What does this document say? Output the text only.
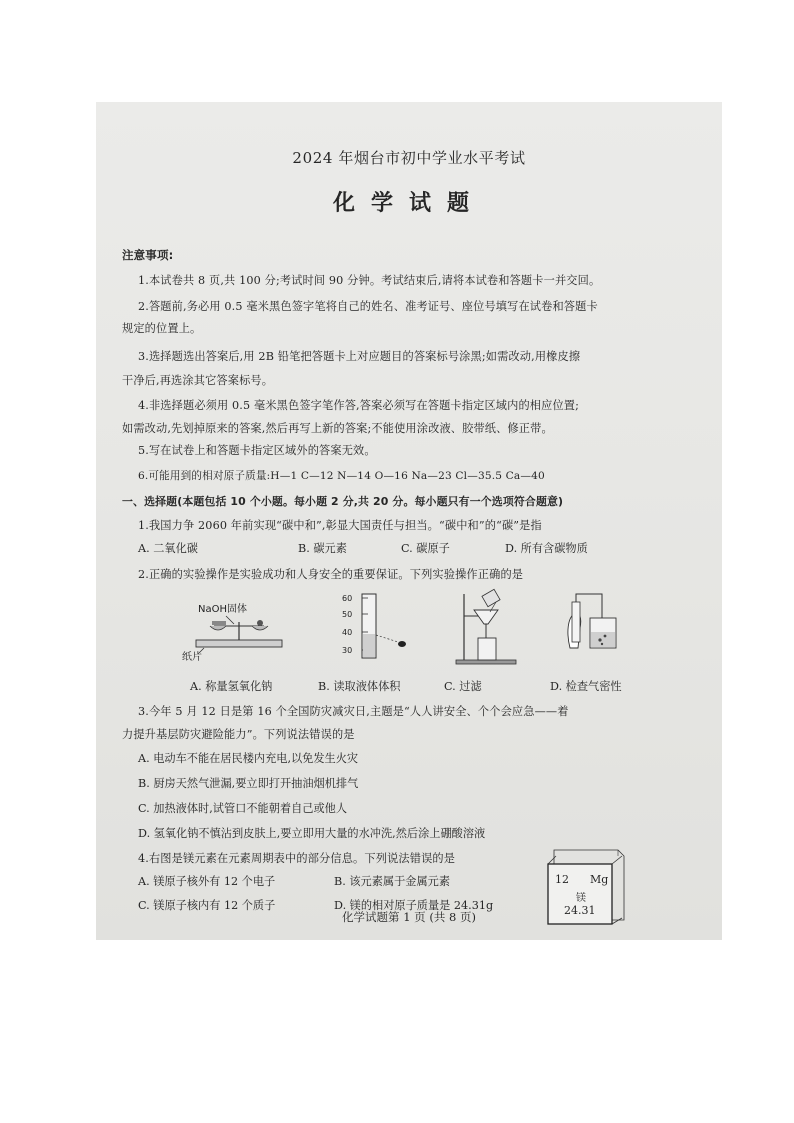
2024 年烟台市初中学业水平考试
化学试题
注意事项:
1.本试卷共 8 页,共 100 分;考试时间 90 分钟。考试结束后,请将本试卷和答题卡一并交回。
2.答题前,务必用 0.5 毫米黑色签字笔将自己的姓名、准考证号、座位号填写在试卷和答题卡
规定的位置上。
3.选择题选出答案后,用 2B 铅笔把答题卡上对应题目的答案标号涂黑;如需改动,用橡皮擦
干净后,再选涂其它答案标号。
4.非选择题必须用 0.5 毫米黑色签字笔作答,答案必须写在答题卡指定区域内的相应位置;
如需改动,先划掉原来的答案,然后再写上新的答案;不能使用涂改液、胶带纸、修正带。
5.写在试卷上和答题卡指定区域外的答案无效。
6.可能用到的相对原子质量:H—1 C—12 N—14 O—16 Na—23 Cl—35.5 Ca—40
一、选择题(本题包括 10 个小题。每小题 2 分,共 20 分。每小题只有一个选项符合题意)
1.我国力争 2060 年前实现“碳中和”,彰显大国责任与担当。“碳中和”的“碳”是指
A. 二氧化碳	B. 碳元素	C. 碳原子	D. 所有含碳物质
2.正确的实验操作是实验成功和人身安全的重要保证。下列实验操作正确的是
NaOH固体
纸片
60
50
40
30
A. 称量氢氧化钠	B. 读取液体体积	C. 过滤	D. 检查气密性
3.今年 5 月 12 日是第 16 个全国防灾减灾日,主题是“人人讲安全、个个会应急——着
力提升基层防灾避险能力”。下列说法错误的是
A. 电动车不能在居民楼内充电,以免发生火灾
B. 厨房天然气泄漏,要立即打开抽油烟机排气
C. 加热液体时,试管口不能朝着自己或他人
D. 氢氧化钠不慎沾到皮肤上,要立即用大量的水冲洗,然后涂上硼酸溶液
4.右图是镁元素在元素周期表中的部分信息。下列说法错误的是
A. 镁原子核外有 12 个电子	B. 该元素属于金属元素
C. 镁原子核内有 12 个质子	D. 镁的相对原子质量是 24.31g
12 Mg
镁
24.31
化学试题第 1 页 (共 8 页)
